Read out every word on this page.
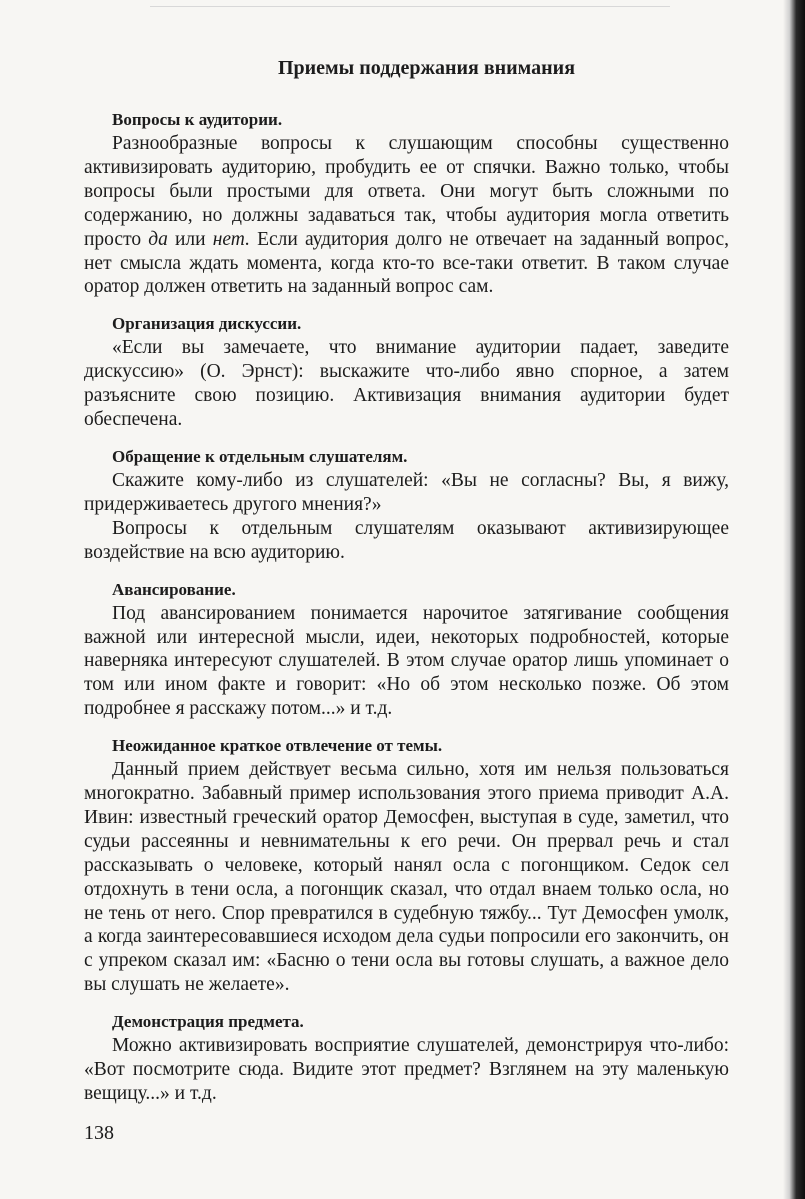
Приемы поддержания внимания
Вопросы к аудитории.

Разнообразные вопросы к слушающим способны существенно активизировать аудиторию, пробудить ее от спячки. Важно только, чтобы вопросы были простыми для ответа. Они могут быть сложными по содержанию, но должны задаваться так, чтобы аудитория могла ответить просто да или нет. Если аудитория долго не отвечает на заданный вопрос, нет смысла ждать момента, когда кто-то все-таки ответит. В таком случае оратор должен ответить на заданный вопрос сам.

Организация дискуссии.

«Если вы замечаете, что внимание аудитории падает, заведите дискуссию» (О. Эрнст): выскажите что-либо явно спорное, а затем разъясните свою позицию. Активизация внимания аудитории будет обеспечена.

Обращение к отдельным слушателям.

Скажите кому-либо из слушателей: «Вы не согласны? Вы, я вижу, придерживаетесь другого мнения?»

Вопросы к отдельным слушателям оказывают активизирующее воздействие на всю аудиторию.

Авансирование.

Под авансированием понимается нарочитое затягивание сообщения важной или интересной мысли, идеи, некоторых подробностей, которые наверняка интересуют слушателей. В этом случае оратор лишь упоминает о том или ином факте и говорит: «Но об этом несколько позже. Об этом подробнее я расскажу потом...» и т.д.

Неожиданное краткое отвлечение от темы.

Данный прием действует весьма сильно, хотя им нельзя пользоваться многократно. Забавный пример использования этого приема приводит А.А. Ивин: известный греческий оратор Демосфен, выступая в суде, заметил, что судьи рассеянны и невнимательны к его речи. Он прервал речь и стал рассказывать о человеке, который нанял осла с погонщиком. Седок сел отдохнуть в тени осла, а погонщик сказал, что отдал внаем только осла, но не тень от него. Спор превратился в судебную тяжбу... Тут Демосфен умолк, а когда заинтересовавшиеся исходом дела судьи попросили его закончить, он с упреком сказал им: «Басню о тени осла вы готовы слушать, а важное дело вы слушать не желаете».

Демонстрация предмета.

Можно активизировать восприятие слушателей, демонстрируя что-либо: «Вот посмотрите сюда. Видите этот предмет? Взглянем на эту маленькую вещицу...» и т.д.

138
